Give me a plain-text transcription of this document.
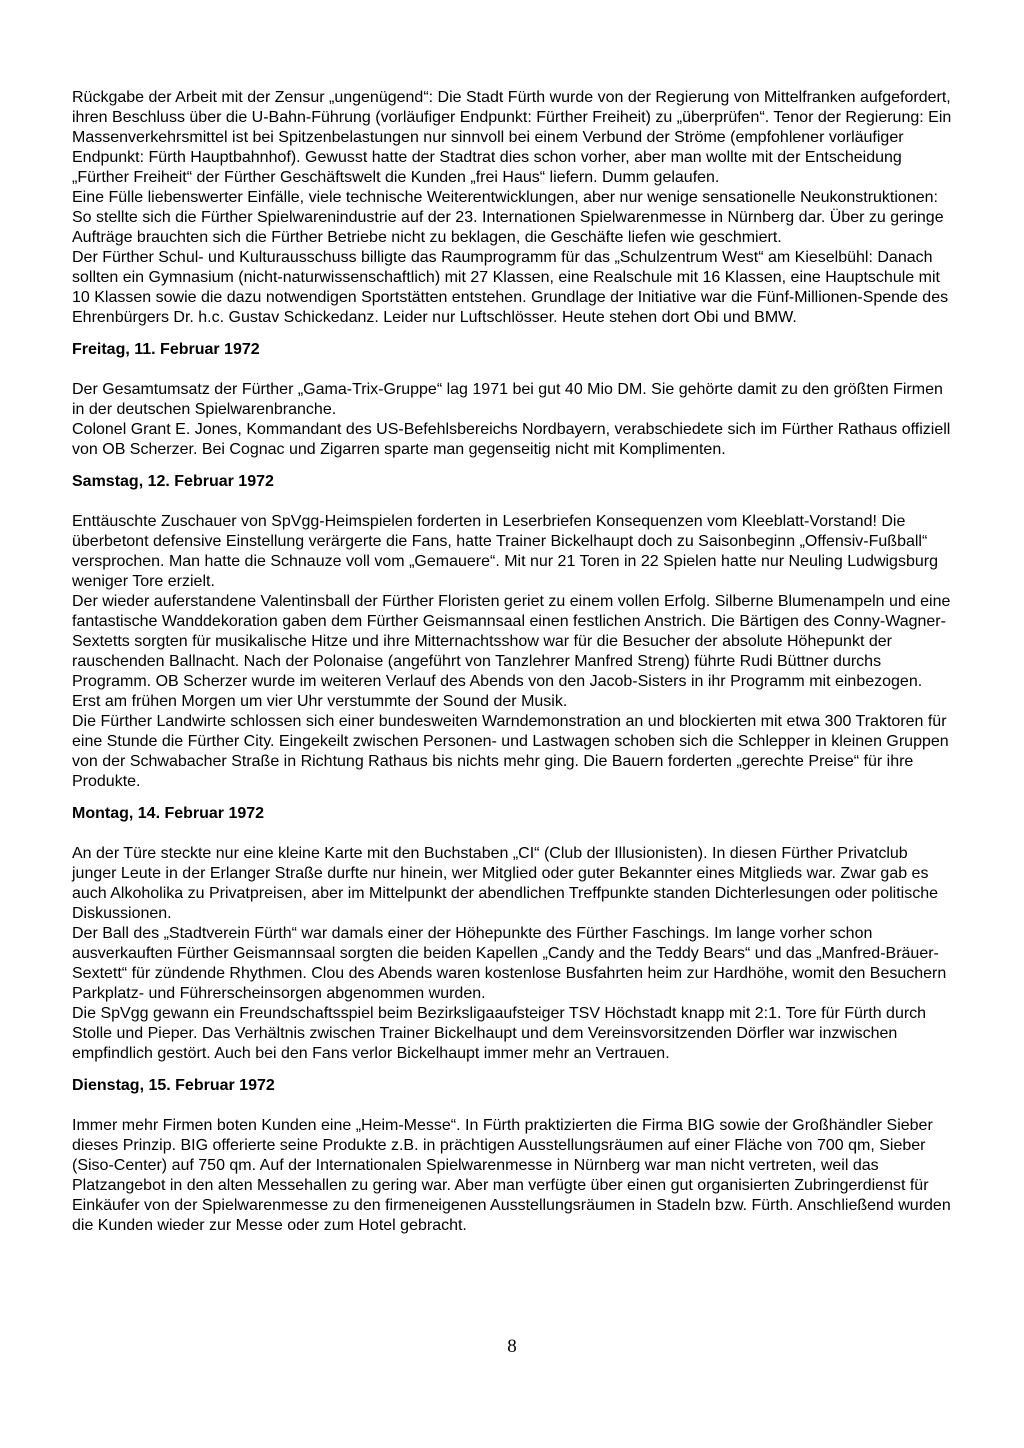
Rückgabe der Arbeit mit der Zensur „ungenügend“: Die Stadt Fürth wurde von der Regierung von Mittelfranken aufgefordert, ihren Beschluss über die U-Bahn-Führung (vorläufiger Endpunkt: Fürther Freiheit) zu „überprüfen“. Tenor der Regierung: Ein Massenverkehrsmittel ist bei Spitzenbelastungen nur sinnvoll bei einem Verbund der Ströme (empfohlener vorläufiger Endpunkt: Fürth Hauptbahnhof). Gewusst hatte der Stadtrat dies schon vorher, aber man wollte mit der Entscheidung „Fürther Freiheit“ der Fürther Geschäftswelt die Kunden „frei Haus“ liefern. Dumm gelaufen.

Eine Fülle liebenswerter Einfälle, viele technische Weiterentwicklungen, aber nur wenige sensationelle Neukonstruktionen: So stellte sich die Fürther Spielwarenindustrie auf der 23. Internationen Spielwarenmesse in Nürnberg dar. Über zu geringe Aufträge brauchten sich die Fürther Betriebe nicht zu beklagen, die Geschäfte liefen wie geschmiert.

Der Fürther Schul- und Kulturausschuss billigte das Raumprogramm für das „Schulzentrum West“ am Kieselbühl: Danach sollten ein Gymnasium (nicht-naturwissenschaftlich) mit 27 Klassen, eine Realschule mit 16 Klassen, eine Hauptschule mit 10 Klassen sowie die dazu notwendigen Sportstätten entstehen. Grundlage der Initiative war die Fünf-Millionen-Spende des Ehrenbürgers Dr. h.c. Gustav Schickedanz. Leider nur Luftschlösser. Heute stehen dort Obi und BMW.

Freitag, 11. Februar 1972

Der Gesamtumsatz der Fürther „Gama-Trix-Gruppe“ lag 1971 bei gut 40 Mio DM. Sie gehörte damit zu den größten Firmen in der deutschen Spielwarenbranche.

Colonel Grant E. Jones, Kommandant des US-Befehlsbereichs Nordbayern, verabschiedete sich im Fürther Rathaus offiziell von OB Scherzer. Bei Cognac und Zigarren sparte man gegenseitig nicht mit Komplimenten.

Samstag, 12. Februar 1972

Enttäuschte Zuschauer von SpVgg-Heimspielen forderten in Leserbriefen Konsequenzen vom Kleeblatt-Vorstand! Die überbetont defensive Einstellung verärgerte die Fans, hatte Trainer Bickelhaupt doch zu Saisonbeginn „Offensiv-Fußball“ versprochen. Man hatte die Schnauze voll vom „Gemauere“. Mit nur 21 Toren in 22 Spielen hatte nur Neuling Ludwigsburg weniger Tore erzielt.

Der wieder auferstandene Valentinsball der Fürther Floristen geriet zu einem vollen Erfolg. Silberne Blumenampeln und eine fantastische Wanddekoration gaben dem Fürther Geismannsaal einen festlichen Anstrich. Die Bärtigen des Conny-Wagner-Sextetts sorgten für musikalische Hitze und ihre Mitternachtsshow war für die Besucher der absolute Höhepunkt der rauschenden Ballnacht. Nach der Polonaise (angeführt von Tanzlehrer Manfred Streng) führte Rudi Büttner durchs Programm. OB Scherzer wurde im weiteren Verlauf des Abends von den Jacob-Sisters in ihr Programm mit einbezogen. Erst am frühen Morgen um vier Uhr verstummte der Sound der Musik.

Die Fürther Landwirte schlossen sich einer bundesweiten Warndemonstration an und blockierten mit etwa 300 Traktoren für eine Stunde die Fürther City. Eingekeilt zwischen Personen- und Lastwagen schoben sich die Schlepper in kleinen Gruppen von der Schwabacher Straße in Richtung Rathaus bis nichts mehr ging. Die Bauern forderten „gerechte Preise“ für ihre Produkte.

Montag, 14. Februar 1972

An der Türe steckte nur eine kleine Karte mit den Buchstaben „CI“ (Club der Illusionisten). In diesen Fürther Privatclub junger Leute in der Erlanger Straße durfte nur hinein, wer Mitglied oder guter Bekannter eines Mitglieds war. Zwar gab es auch Alkoholika zu Privatpreisen, aber im Mittelpunkt der abendlichen Treffpunkte standen Dichterlesungen oder politische Diskussionen.

Der Ball des „Stadtverein Fürth“ war damals einer der Höhepunkte des Fürther Faschings. Im lange vorher schon ausverkauften Fürther Geismannsaal sorgten die beiden Kapellen „Candy and the Teddy Bears“ und das „Manfred-Bräuer-Sextett“ für zündende Rhythmen. Clou des Abends waren kostenlose Busfahrten heim zur Hardhöhe, womit den Besuchern Parkplatz- und Führerscheinsorgen abgenommen wurden.

Die SpVgg gewann ein Freundschaftsspiel beim Bezirksligaaufsteiger TSV Höchstadt knapp mit 2:1. Tore für Fürth durch Stolle und Pieper. Das Verhältnis zwischen Trainer Bickelhaupt und dem Vereinsvorsitzenden Dörfler war inzwischen empfindlich gestört. Auch bei den Fans verlor Bickelhaupt immer mehr an Vertrauen.

Dienstag, 15. Februar 1972

Immer mehr Firmen boten Kunden eine „Heim-Messe“. In Fürth praktizierten die Firma BIG sowie der Großhändler Sieber dieses Prinzip. BIG offerierte seine Produkte z.B. in prächtigen Ausstellungsräumen auf einer Fläche von 700 qm, Sieber (Siso-Center) auf 750 qm. Auf der Internationalen Spielwarenmesse in Nürnberg war man nicht vertreten, weil das Platzangebot in den alten Messehallen zu gering war. Aber man verfügte über einen gut organisierten Zubringerdienst für Einkäufer von der Spielwarenmesse zu den firmeneigenen Ausstellungsräumen in Stadeln bzw. Fürth. Anschließend wurden die Kunden wieder zur Messe oder zum Hotel gebracht.

8
